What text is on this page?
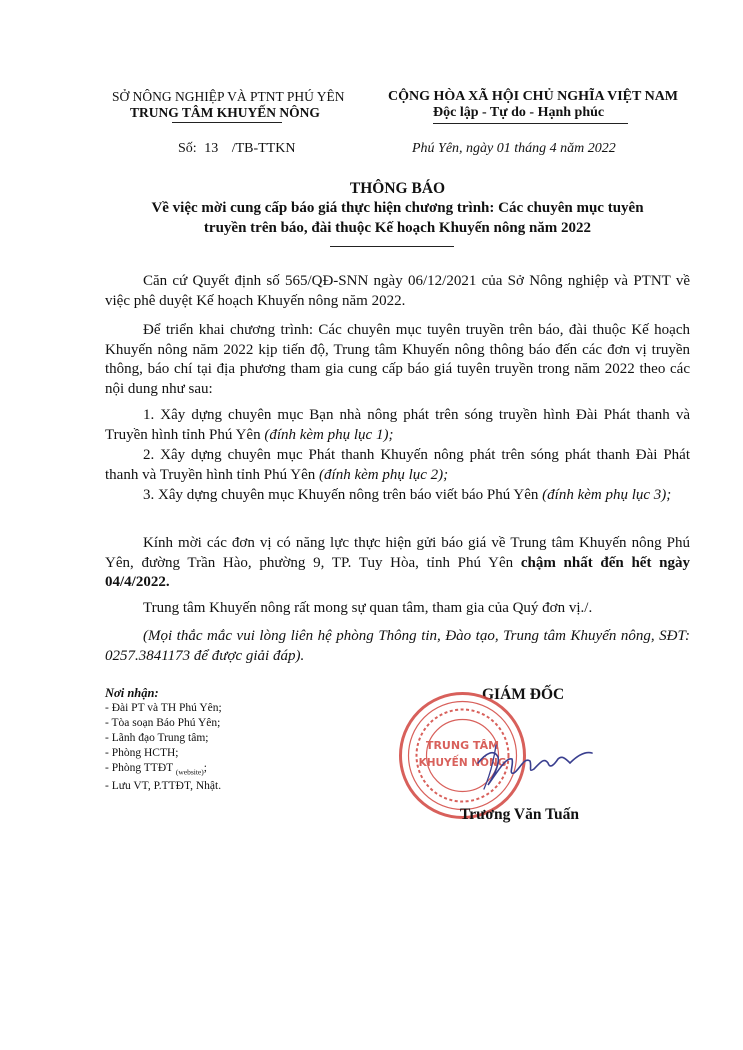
SỞ NÔNG NGHIỆP VÀ PTNT PHÚ YÊN
TRUNG TÂM KHUYẾN NÔNG
CỘNG HÒA XÃ HỘI CHỦ NGHĨA VIỆT NAM
Độc lập - Tự do - Hạnh phúc
Số: 13 /TB-TTKN	Phú Yên, ngày 01 tháng 4 năm 2022
THÔNG BÁO
Về việc mời cung cấp báo giá thực hiện chương trình: Các chuyên mục tuyên
truyền trên báo, đài thuộc Kế hoạch Khuyến nông năm 2022
Căn cứ Quyết định số 565/QĐ-SNN ngày 06/12/2021 của Sở Nông nghiệp và PTNT về việc phê duyệt Kế hoạch Khuyến nông năm 2022.
Để triển khai chương trình: Các chuyên mục tuyên truyền trên báo, đài thuộc Kế hoạch Khuyến nông năm 2022 kịp tiến độ, Trung tâm Khuyến nông thông báo đến các đơn vị truyền thông, báo chí tại địa phương tham gia cung cấp báo giá tuyên truyền trong năm 2022 theo các nội dung như sau:
1. Xây dựng chuyên mục Bạn nhà nông phát trên sóng truyền hình Đài Phát thanh và Truyền hình tỉnh Phú Yên (đính kèm phụ lục 1);
2. Xây dựng chuyên mục Phát thanh Khuyến nông phát trên sóng phát thanh Đài Phát thanh và Truyền hình tỉnh Phú Yên (đính kèm phụ lục 2);
3. Xây dựng chuyên mục Khuyến nông trên báo viết báo Phú Yên (đính kèm phụ lục 3);
Kính mời các đơn vị có năng lực thực hiện gửi báo giá về Trung tâm Khuyến nông Phú Yên, đường Trần Hào, phường 9, TP. Tuy Hòa, tỉnh Phú Yên chậm nhất đến hết ngày 04/4/2022.
Trung tâm Khuyến nông rất mong sự quan tâm, tham gia của Quý đơn vị./.
(Mọi thắc mắc vui lòng liên hệ phòng Thông tin, Đào tạo, Trung tâm Khuyến nông, SĐT: 0257.3841173 để được giải đáp).
Nơi nhận:
- Đài PT và TH Phú Yên;
- Tòa soạn Báo Phú Yên;
- Lãnh đạo Trung tâm;
- Phòng HCTH;
- Phòng TTĐT $_{(website)}$;
- Lưu VT, P.TTĐT, Nhật.
GIÁM ĐỐC
TRUNG TÂM
KHUYẾN NÔNG
Trương Văn Tuấn
